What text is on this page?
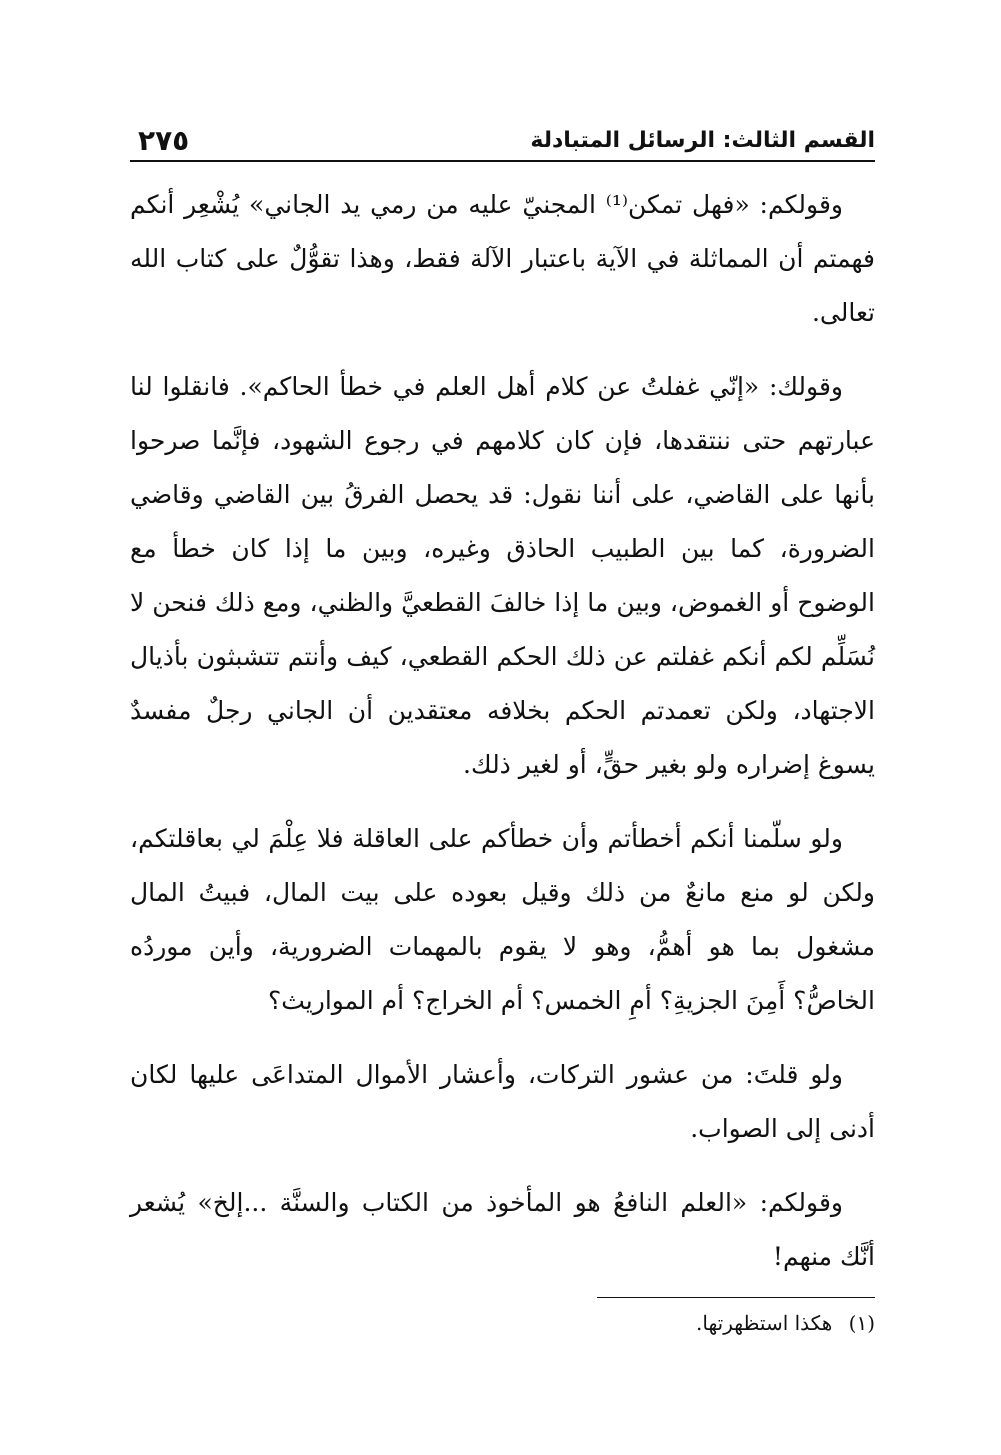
القسم الثالث: الرسائل المتبادلة
٢٧٥

وقولكم: «فهل تمكن⁽¹⁾ المجنيّ عليه من رمي يد الجاني» يُشْعِر أنكم فهمتم أن المماثلة في الآية باعتبار الآلة فقط، وهذا تقوُّلٌ على كتاب الله تعالى.

وقولك: «إنّي غفلتُ عن كلام أهل العلم في خطأ الحاكم». فانقلوا لنا عبارتهم حتى ننتقدها، فإن كان كلامهم في رجوع الشهود، فإنَّما صرحوا بأنها على القاضي، على أننا نقول: قد يحصل الفرقُ بين القاضي وقاضي الضرورة، كما بين الطبيب الحاذق وغيره، وبين ما إذا كان خطأ مع الوضوح أو الغموض، وبين ما إذا خالفَ القطعيَّ والظني، ومع ذلك فنحن لا نُسَلِّم لكم أنكم غفلتم عن ذلك الحكم القطعي، كيف وأنتم تتشبثون بأذيال الاجتهاد، ولكن تعمدتم الحكم بخلافه معتقدين أن الجاني رجلٌ مفسدٌ يسوغ إضراره ولو بغير حقٍّ، أو لغير ذلك.

ولو سلّمنا أنكم أخطأتم وأن خطأكم على العاقلة فلا عِلْمَ لي بعاقلتكم، ولكن لو منع مانعٌ من ذلك وقيل بعوده على بيت المال، فبيتُ المال مشغول بما هو أهمُّ، وهو لا يقوم بالمهمات الضرورية، وأين موردُه الخاصُّ؟ أَمِنَ الجزيةِ؟ أمِ الخمس؟ أم الخراج؟ أم المواريث؟

ولو قلتَ: من عشور التركات، وأعشار الأموال المتداعَى عليها لكان أدنى إلى الصواب.

وقولكم: «العلم النافعُ هو المأخوذ من الكتاب والسنَّة ...إلخ» يُشعر أنَّك منهم!

(١) هكذا استظهرتها.
